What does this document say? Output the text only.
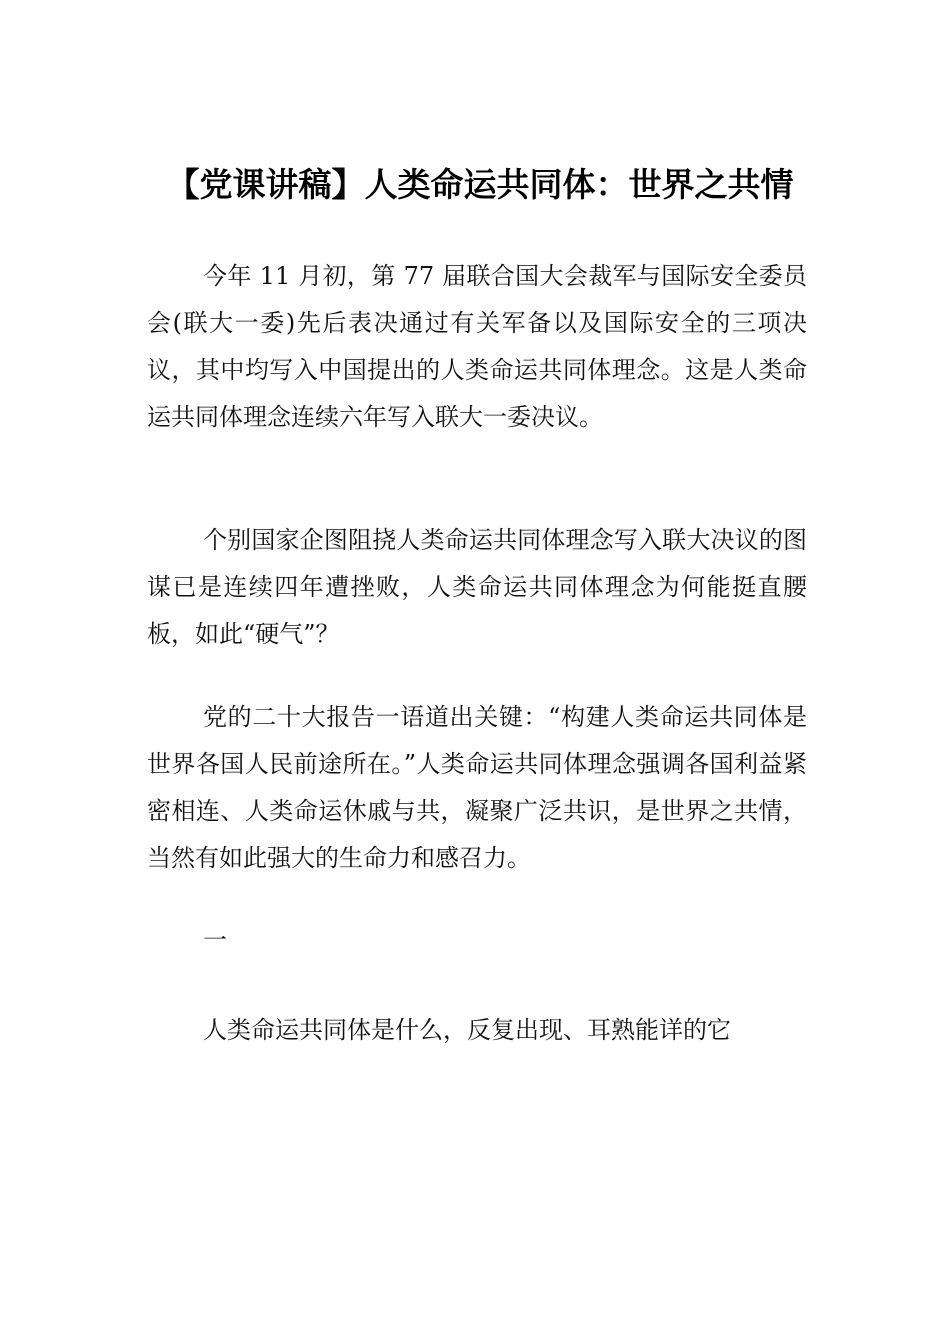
【党课讲稿】人类命运共同体：世界之共情

今年 11 月初，第 77 届联合国大会裁军与国际安全委员会(联大一委)先后表决通过有关军备以及国际安全的三项决议，其中均写入中国提出的人类命运共同体理念。这是人类命运共同体理念连续六年写入联大一委决议。

个别国家企图阻挠人类命运共同体理念写入联大决议的图谋已是连续四年遭挫败，人类命运共同体理念为何能挺直腰板，如此“硬气”？

党的二十大报告一语道出关键：“构建人类命运共同体是世界各国人民前途所在。”人类命运共同体理念强调各国利益紧密相连、人类命运休戚与共，凝聚广泛共识，是世界之共情，当然有如此强大的生命力和感召力。

一

人类命运共同体是什么，反复出现、耳熟能详的它
